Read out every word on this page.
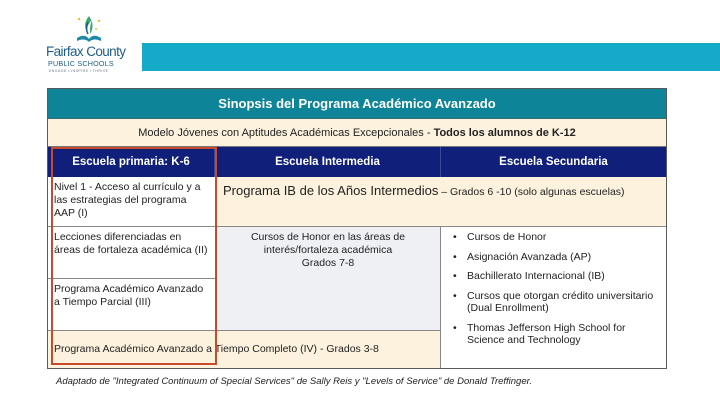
Fairfax County
PUBLIC SCHOOLS
ENGAGE • INSPIRE • THRIVE
Sinopsis del Programa Académico Avanzado
Modelo Jóvenes con Aptitudes Académicas Excepcionales - Todos los alumnos de K-12
Escuela primaria: K-6	Escuela Intermedia	Escuela Secundaria
Nivel 1 - Acceso al currículo y a las estrategias del programa AAP (I)
Programa IB de los Años Intermedios – Grados 6 -10 (solo algunas escuelas)
Lecciones diferenciadas en áreas de fortaleza académica (II)
Programa Académico Avanzado a Tiempo Parcial (III)
Cursos de Honor en las áreas de
interés/fortaleza académica
Grados 7-8
Programa Académico Avanzado a Tiempo Completo (IV) - Grados 3-8
• Cursos de Honor
• Asignación Avanzada (AP)
• Bachillerato Internacional (IB)
• Cursos que otorgan crédito universitario (Dual Enrollment)
• Thomas Jefferson High School for Science and Technology
Adaptado de "Integrated Continuum of Special Services" de Sally Reis y "Levels of Service" de Donald Treffinger.
